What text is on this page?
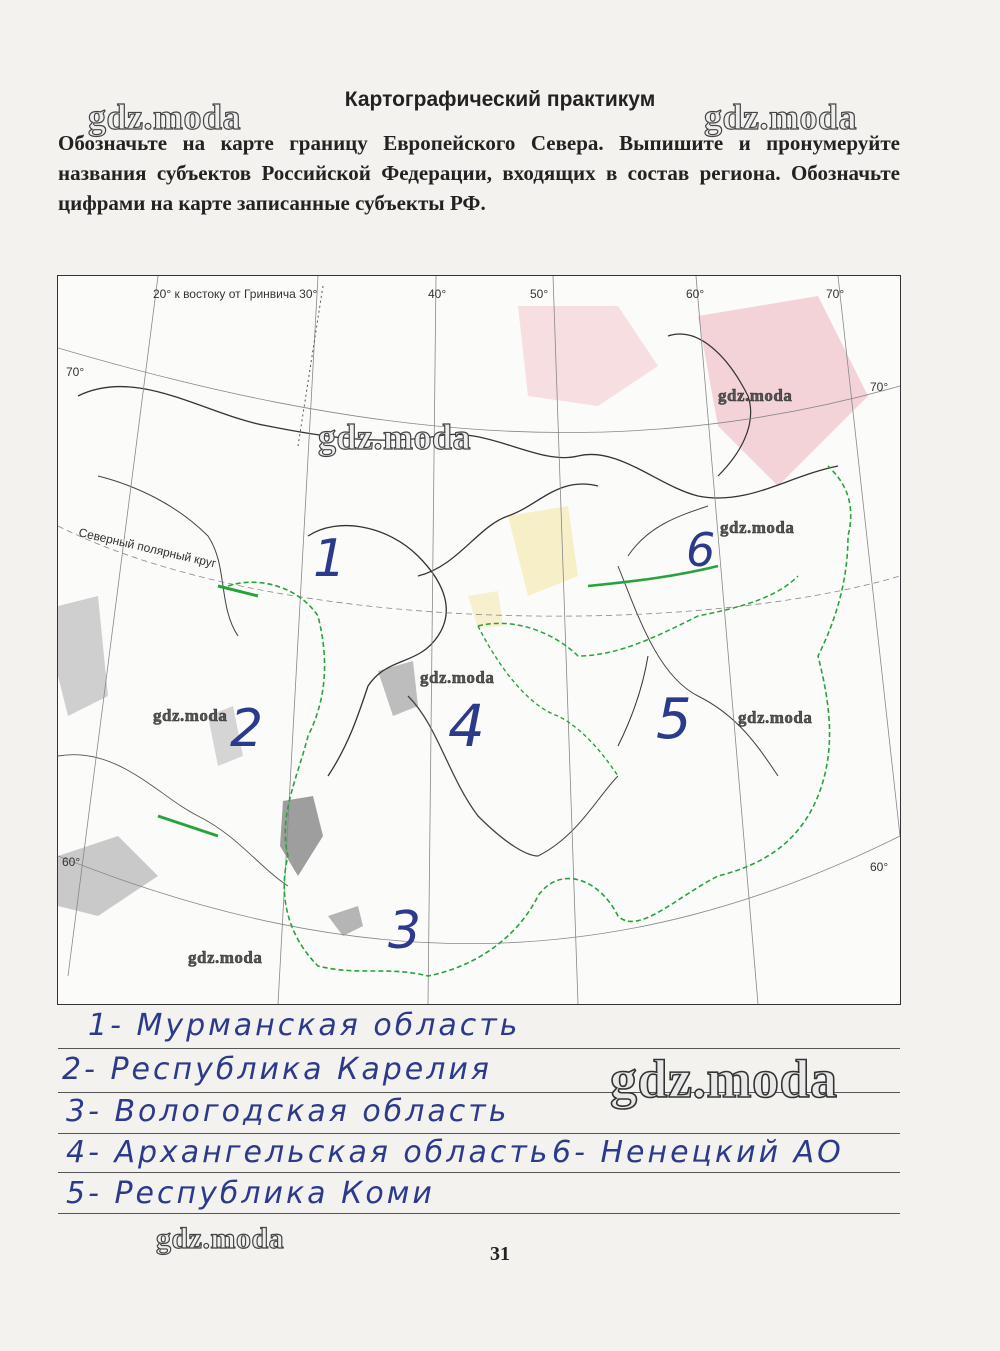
Картографический практикум

Обозначьте на карте границу Европейского Севера. Выпишите и пронумеруйте названия субъектов Российской Федерации, входящих в состав региона. Обозначьте цифрами на карте записанные субъекты РФ.

gdz.moda	gdz.moda
20° к востоку от Гринвича 30°	40°	50°	60°	70°
70°
60°
70°
60°
Северный полярный круг 1
2
3
4	5
6
gdz.moda
gdz.moda
gdz.moda
gdz.moda
gdz.moda	gdz.moda
gdz.moda
1- Мурманская область
2- Республика Карелия
3- Вологодская область
4- Архангельская область 6- Ненецкий АО
5- Республика Коми
gdz.moda
gdz.moda	31
